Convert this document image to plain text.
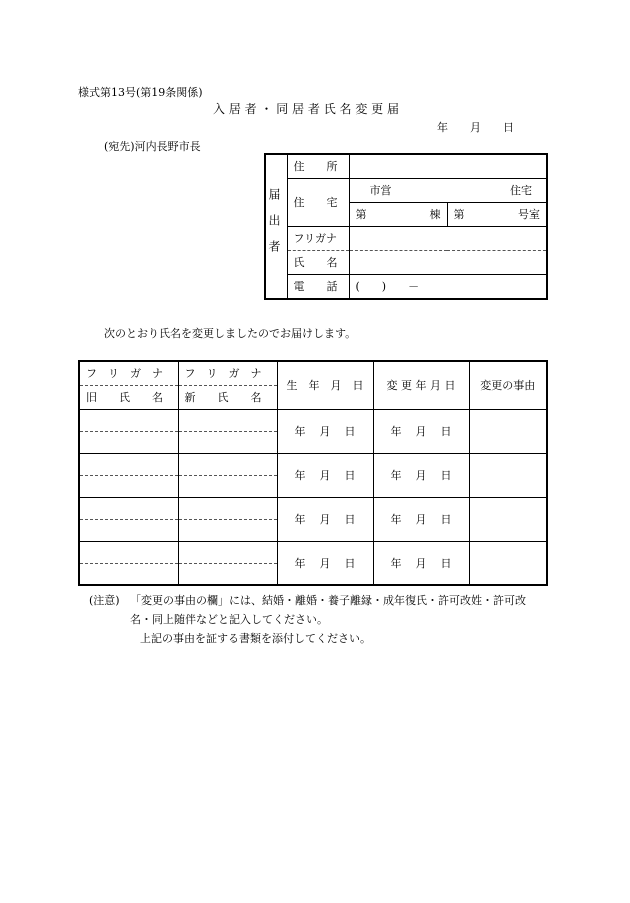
様式第13号(第19条関係)
入 居 者 ・ 同 居 者 氏 名 変 更 届
年　　月　　日
(宛先)河内長野市長
届出者	住　　所		
	住　　宅	市営 住宅	

		第 棟	第 号室

	フリガナ		
	氏　　名		
	電　　話	(　　)　　－	
次のとおり氏名を変更しましたのでお届けします。
フ　リ　ガ　ナ	フ　リ　ガ　ナ	生　年　月　日	変 更 年 月 日	変更の事由
旧　　氏　　名	新　　氏　　名			

		年 月 日	年 月 日	

		年 月 日	年 月 日	

		年 月 日	年 月 日	

		年 月 日	年 月 日	

(注意) 「変更の事由の欄」には、結婚・離婚・養子離縁・成年復氏・許可改姓・許可改
名・同上随伴などと記入してください。
上記の事由を証する書類を添付してください。
